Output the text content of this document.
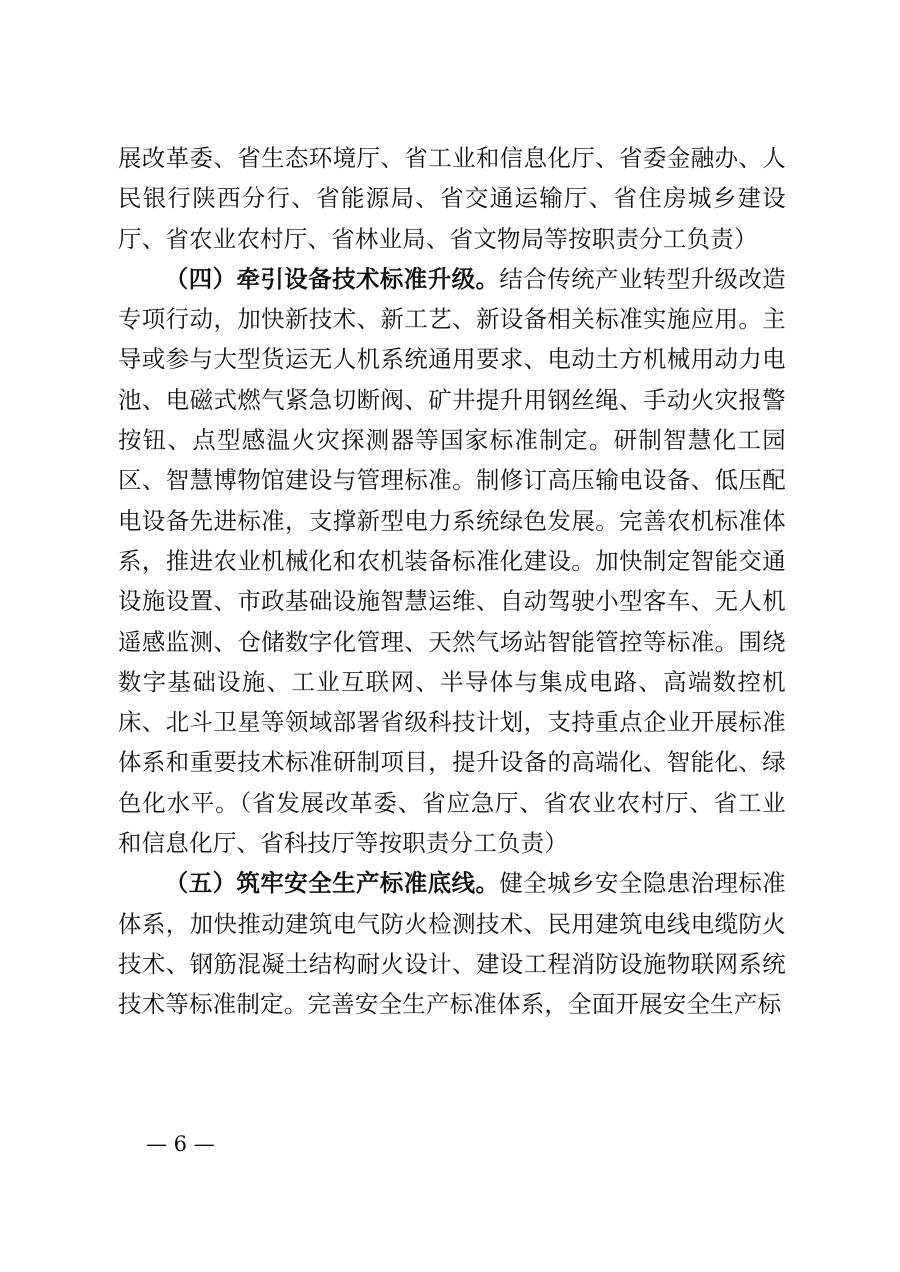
展改革委、省生态环境厅、省工业和信息化厅、省委金融办、人民银行陕西分行、省能源局、省交通运输厅、省住房城乡建设厅、省农业农村厅、省林业局、省文物局等按职责分工负责）

（四）牵引设备技术标准升级。结合传统产业转型升级改造专项行动，加快新技术、新工艺、新设备相关标准实施应用。主导或参与大型货运无人机系统通用要求、电动土方机械用动力电池、电磁式燃气紧急切断阀、矿井提升用钢丝绳、手动火灾报警按钮、点型感温火灾探测器等国家标准制定。研制智慧化工园区、智慧博物馆建设与管理标准。制修订高压输电设备、低压配电设备先进标准，支撑新型电力系统绿色发展。完善农机标准体系，推进农业机械化和农机装备标准化建设。加快制定智能交通设施设置、市政基础设施智慧运维、自动驾驶小型客车、无人机遥感监测、仓储数字化管理、天然气场站智能管控等标准。围绕数字基础设施、工业互联网、半导体与集成电路、高端数控机床、北斗卫星等领域部署省级科技计划，支持重点企业开展标准体系和重要技术标准研制项目，提升设备的高端化、智能化、绿色化水平。（省发展改革委、省应急厅、省农业农村厅、省工业和信息化厅、省科技厅等按职责分工负责）

（五）筑牢安全生产标准底线。健全城乡安全隐患治理标准体系，加快推动建筑电气防火检测技术、民用建筑电线电缆防火技术、钢筋混凝土结构耐火设计、建设工程消防设施物联网系统技术等标准制定。完善安全生产标准体系，全面开展安全生产标

— 6 —
